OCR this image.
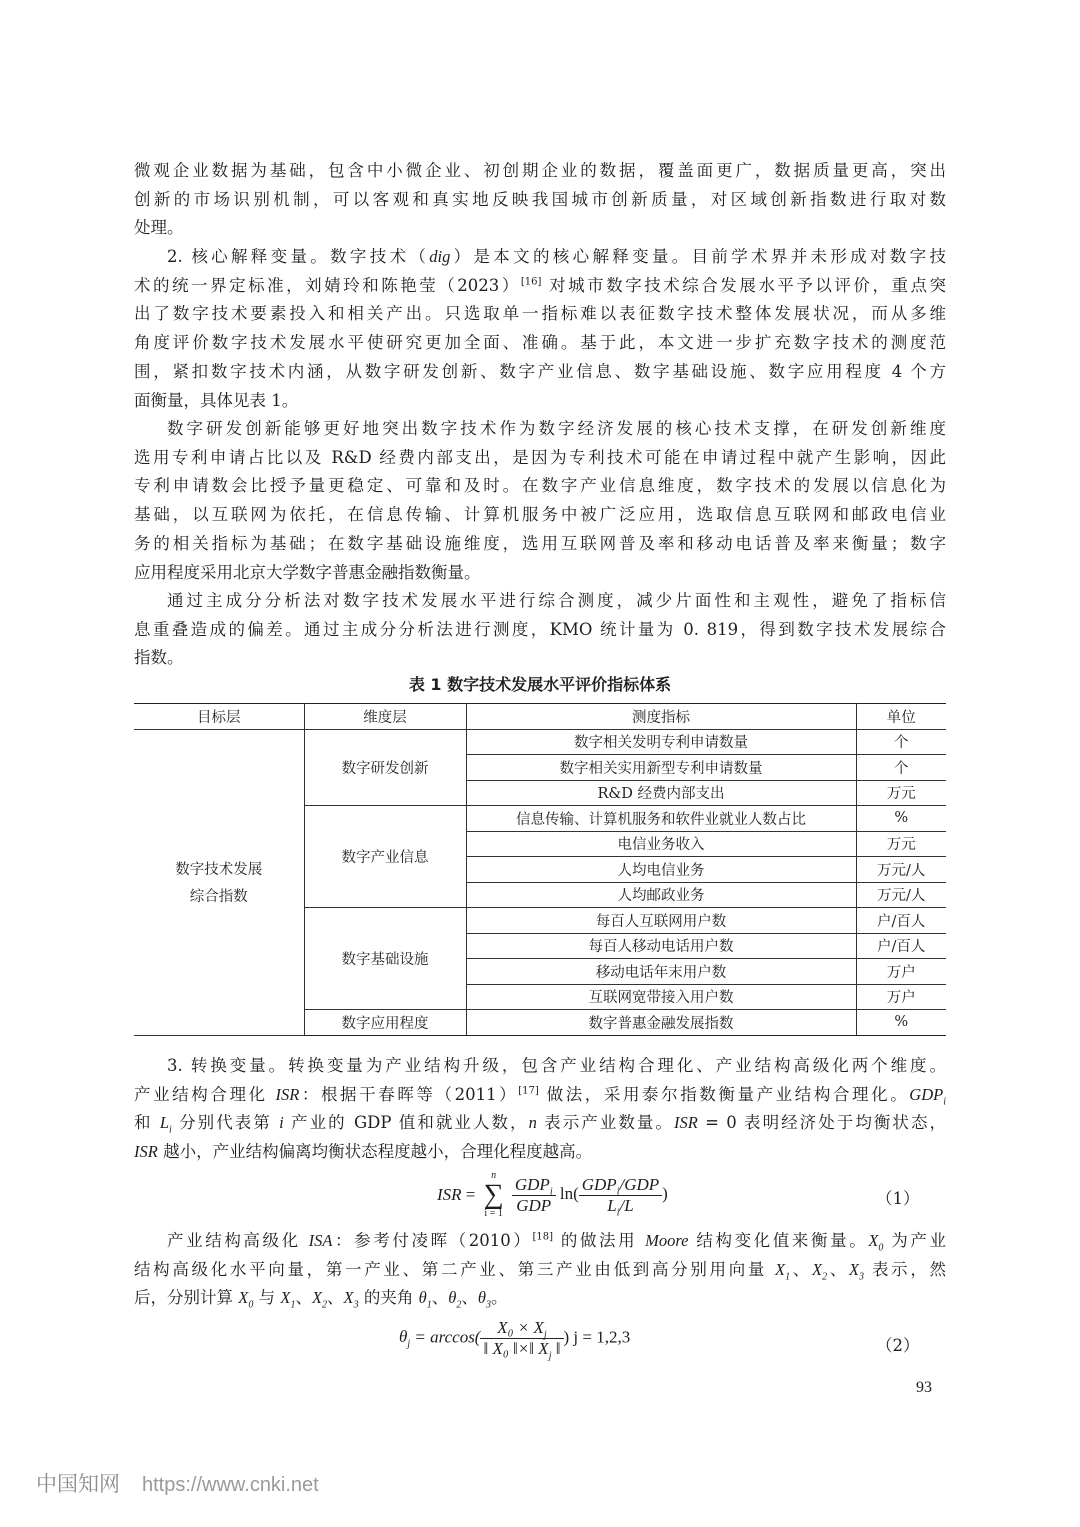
微观企业数据为基础，包含中小微企业、初创期企业的数据，覆盖面更广，数据质量更高，突出
创新的市场识别机制，可以客观和真实地反映我国城市创新质量，对区域创新指数进行取对数
处理。
2. 核心解释变量。数字技术（dig）是本文的核心解释变量。目前学术界并未形成对数字技
术的统一界定标准，刘婧玲和陈艳莹（2023）[16] 对城市数字技术综合发展水平予以评价，重点突
出了数字技术要素投入和相关产出。只选取单一指标难以表征数字技术整体发展状况，而从多维
角度评价数字技术发展水平使研究更加全面、准确。基于此，本文进一步扩充数字技术的测度范
围，紧扣数字技术内涵，从数字研发创新、数字产业信息、数字基础设施、数字应用程度 4 个方
面衡量，具体见表 1。
数字研发创新能够更好地突出数字技术作为数字经济发展的核心技术支撑，在研发创新维度
选用专利申请占比以及 R&D 经费内部支出，是因为专利技术可能在申请过程中就产生影响，因此
专利申请数会比授予量更稳定、可靠和及时。在数字产业信息维度，数字技术的发展以信息化为
基础，以互联网为依托，在信息传输、计算机服务中被广泛应用，选取信息互联网和邮政电信业
务的相关指标为基础；在数字基础设施维度，选用互联网普及率和移动电话普及率来衡量；数字
应用程度采用北京大学数字普惠金融指数衡量。
通过主成分分析法对数字技术发展水平进行综合测度，减少片面性和主观性，避免了指标信
息重叠造成的偏差。通过主成分分析法进行测度，KMO 统计量为 0. 819，得到数字技术发展综合
指数。
表 1 数字技术发展水平评价指标体系
目标层	维度层	测度指标	单位

数字技术发展
综合指数	数字研发创新	数字相关发明专利申请数量	个
		数字相关实用新型专利申请数量	个
		R&D 经费内部支出	万元
	数字产业信息	信息传输、计算机服务和软件业就业人数占比	%
		电信业务收入	万元
		人均电信业务	万元/人
		人均邮政业务	万元/人
	数字基础设施	每百人互联网用户数	户/百人
		每百人移动电话用户数	户/百人
		移动电话年末用户数	万户
		互联网宽带接入用户数	万户
	数字应用程度	数字普惠金融发展指数	%
3. 转换变量。转换变量为产业结构升级，包含产业结构合理化、产业结构高级化两个维度。
产业结构合理化 ISR：根据干春晖等（2011）[17] 做法，采用泰尔指数衡量产业结构合理化。$GDP_i$
和 $L_i$ 分别代表第 i 产业的 GDP 值和就业人数，n 表示产业数量。ISR = 0 表明经济处于均衡状态，
ISR 越小，产业结构偏离均衡状态程度越小，合理化程度越高。
ISR =
n
∑
i = 1
$\frac{GDP_i}{\text{GDP}} \ln( \frac{GDP_i/GDP}{L_i/L}$ )	（1）
产业结构高级化 ISA：参考付凌晖（2010）[18] 的做法用 Moore 结构变化值来衡量。$X_0$ 为产业
结构高级化水平向量，第一产业、第二产业、第三产业由低到高分别用向量 $X_1$、$X_2$、$X_3$ 表示，然
后，分别计算 $X_0$ 与 $X_1$、$X_2$、$X_3$ 的夹角 $\theta_1$、$\theta_2$、$\theta_3$。
$\theta_j = \arccos( \frac{X_0 \times X_j}{‖ X_0 ‖\times‖ X_j ‖}$ ) j = 1,2,3	（2）
93
中国知网 https://www.cnki.net
